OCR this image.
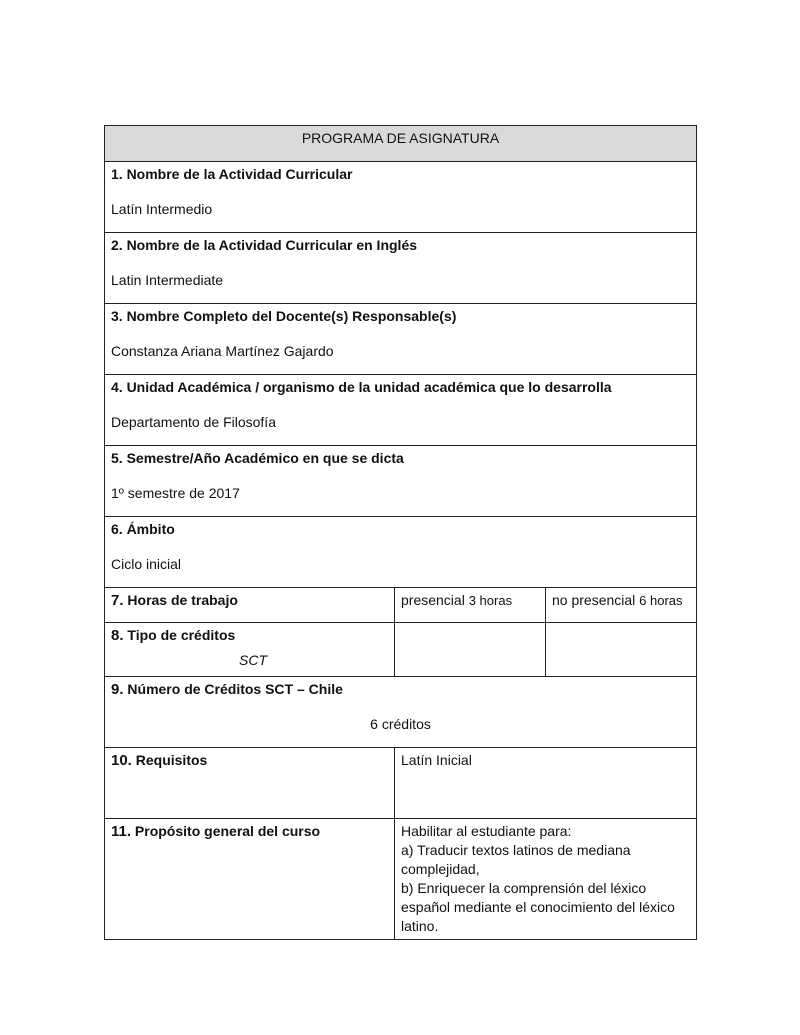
PROGRAMA DE ASIGNATURA		

1. Nombre de la Actividad Curricular
Latín Intermedio		

2. Nombre de la Actividad Curricular en Inglés
Latin Intermediate		

3. Nombre Completo del Docente(s) Responsable(s)
Constanza Ariana Martínez Gajardo		

4. Unidad Académica / organismo de la unidad académica que lo desarrolla
Departamento de Filosofía		

5. Semestre/Año Académico en que se dicta
1º semestre de 2017		

6. Ámbito
Ciclo inicial		

7. Horas de trabajo	presencial 3 horas	no presencial 6 horas

8. Tipo de créditos
SCT		

9. Número de Créditos SCT – Chile
6 créditos		

10. Requisitos	Latín Inicial	
11. Propósito general del curso	Habilitar al estudiante para:
a) Traducir textos latinos de mediana complejidad,
b) Enriquecer la comprensión del léxico español mediante el conocimiento del léxico latino.	
